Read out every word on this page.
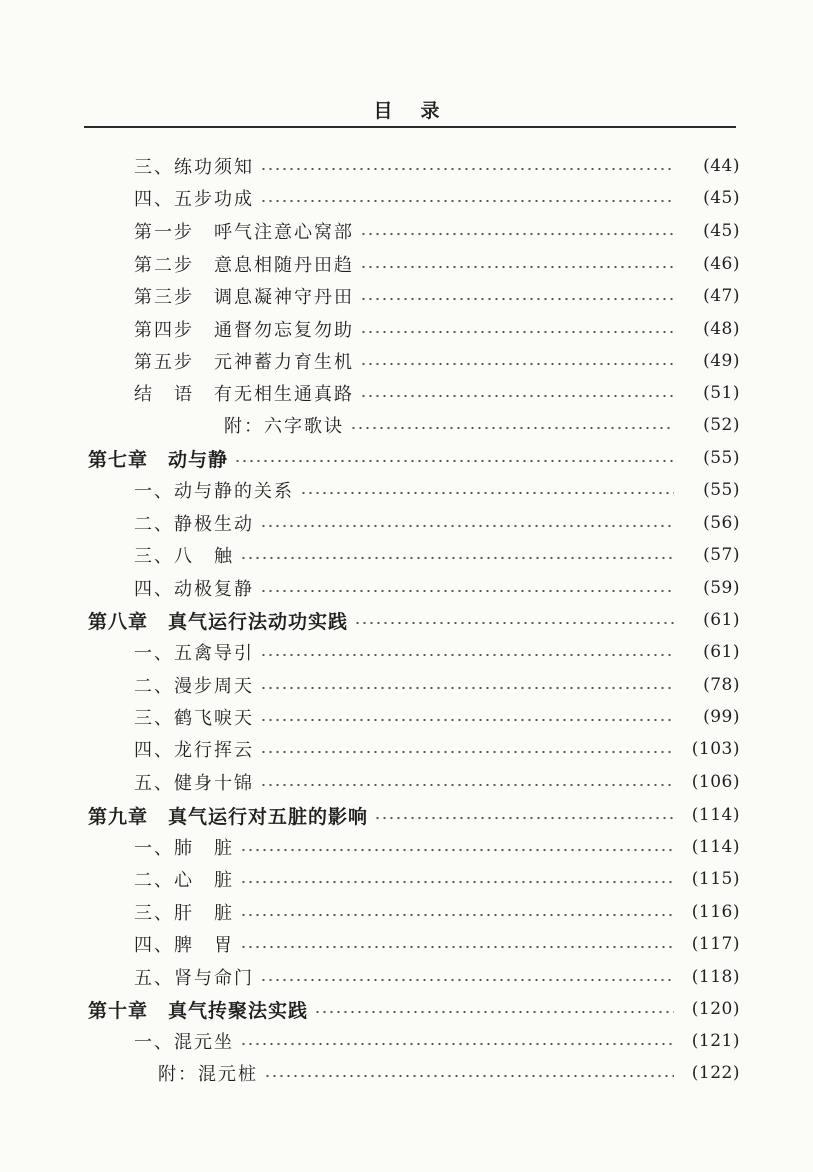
目录
三、练功须知	(44)
四、五步功成	(45)
第一步　呼气注意心窝部	(45)
第二步　意息相随丹田趋	(46)
第三步　调息凝神守丹田	(47)
第四步　通督勿忘复勿助	(48)
第五步　元神蓄力育生机	(49)
结　语　有无相生通真路	(51)
附：六字歌诀	(52)
第七章　动与静	(55)
一、动与静的关系	(55)
二、静极生动	(56)
三、八　触	(57)
四、动极复静	(59)
第八章　真气运行法动功实践	(61)
一、五禽导引	(61)
二、漫步周天	(78)
三、鹤飞唳天	(99)
四、龙行挥云	(103)
五、健身十锦	(106)
第九章　真气运行对五脏的影响	(114)
一、肺　脏	(114)
二、心　脏	(115)
三、肝　脏	(116)
四、脾　胃	(117)
五、肾与命门	(118)
第十章　真气抟聚法实践	(120)
一、混元坐	(121)
附：混元桩	(122)
